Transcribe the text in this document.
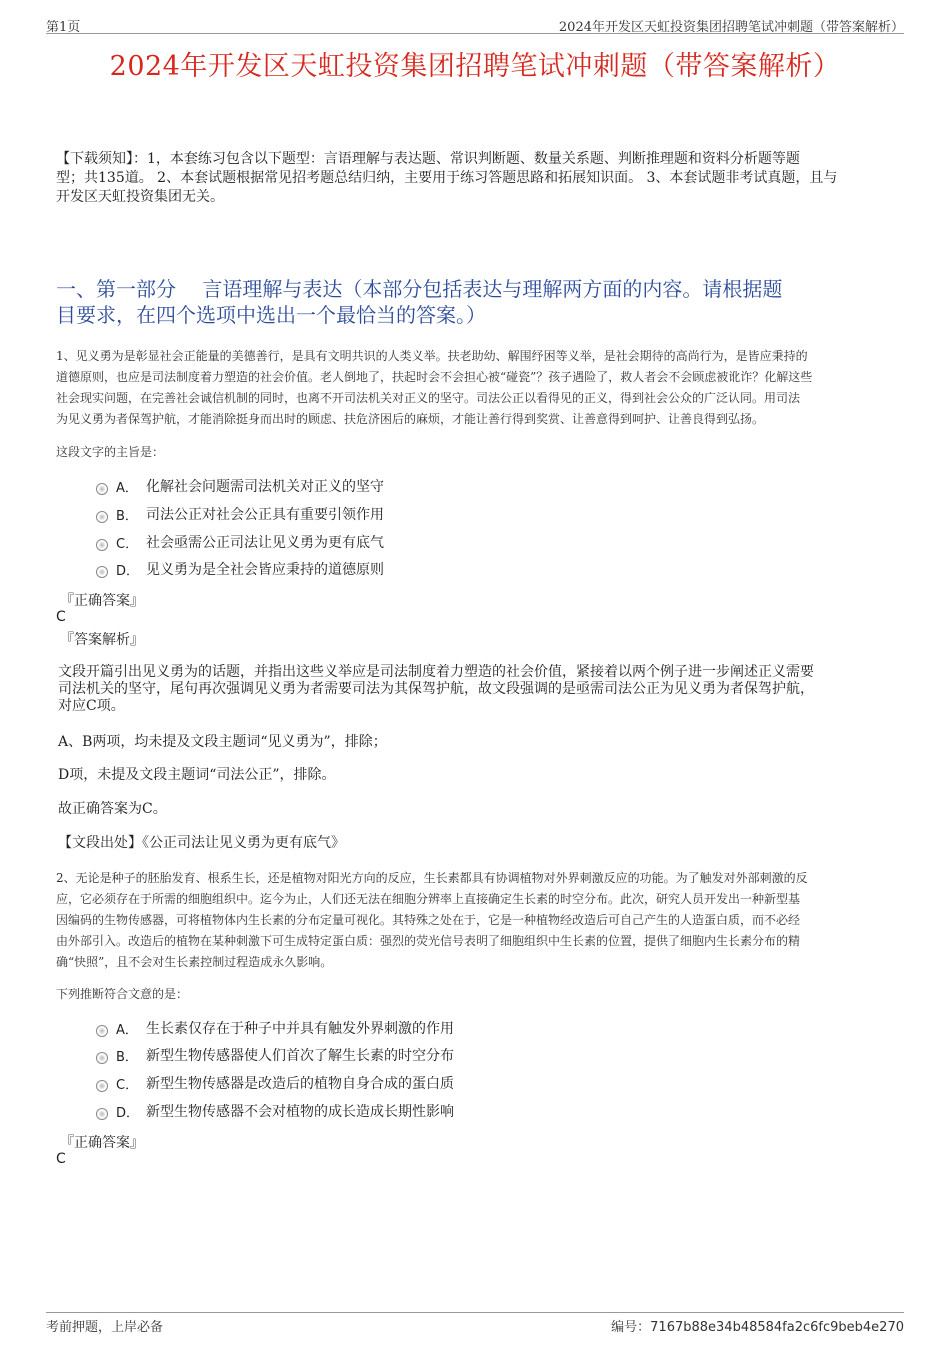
第1页	2024年开发区天虹投资集团招聘笔试冲刺题（带答案解析）
2024年开发区天虹投资集团招聘笔试冲刺题（带答案解析）
【下载须知】：1，本套练习包含以下题型：言语理解与表达题、常识判断题、数量关系题、判断推理题和资料分析题等题
型；共135道。 2、本套试题根据常见招考题总结归纳，主要用于练习答题思路和拓展知识面。 3、本套试题非考试真题，且与
开发区天虹投资集团无关。
一、第一部分　 言语理解与表达（本部分包括表达与理解两方面的内容。请根据题
目要求，在四个选项中选出一个最恰当的答案。）
1、见义勇为是彰显社会正能量的美德善行，是具有文明共识的人类义举。扶老助幼、解围纾困等义举，是社会期待的高尚行为，是皆应秉持的
道德原则，也应是司法制度着力塑造的社会价值。老人倒地了，扶起时会不会担心被“碰瓷”？孩子遇险了，救人者会不会顾虑被讹诈？化解这些
社会现实问题，在完善社会诚信机制的同时，也离不开司法机关对正义的坚守。司法公正以看得见的正义，得到社会公众的广泛认同。用司法
为见义勇为者保驾护航，才能消除挺身而出时的顾虑、扶危济困后的麻烦，才能让善行得到奖赏、让善意得到呵护、让善良得到弘扬。
这段文字的主旨是：
A． 化解社会问题需司法机关对正义的坚守
B． 司法公正对社会公正具有重要引领作用
C． 社会亟需公正司法让见义勇为更有底气
D． 见义勇为是全社会皆应秉持的道德原则
『正确答案』
C
『答案解析』
文段开篇引出见义勇为的话题，并指出这些义举应是司法制度着力塑造的社会价值，紧接着以两个例子进一步阐述正义需要
司法机关的坚守，尾句再次强调见义勇为者需要司法为其保驾护航，故文段强调的是亟需司法公正为见义勇为者保驾护航，
对应C项。
A、B两项，均未提及文段主题词“见义勇为”，排除；
D项，未提及文段主题词“司法公正”，排除。
故正确答案为C。
【文段出处】《公正司法让见义勇为更有底气》
2、无论是种子的胚胎发育、根系生长，还是植物对阳光方向的反应，生长素都具有协调植物对外界刺激反应的功能。为了触发对外部刺激的反
应，它必须存在于所需的细胞组织中。迄今为止，人们还无法在细胞分辨率上直接确定生长素的时空分布。此次，研究人员开发出一种新型基
因编码的生物传感器，可将植物体内生长素的分布定量可视化。其特殊之处在于，它是一种植物经改造后可自己产生的人造蛋白质，而不必经
由外部引入。改造后的植物在某种刺激下可生成特定蛋白质：强烈的荧光信号表明了细胞组织中生长素的位置，提供了细胞内生长素分布的精
确“快照”，且不会对生长素控制过程造成永久影响。
下列推断符合文意的是：
A． 生长素仅存在于种子中并具有触发外界刺激的作用
B． 新型生物传感器使人们首次了解生长素的时空分布
C． 新型生物传感器是改造后的植物自身合成的蛋白质
D． 新型生物传感器不会对植物的成长造成长期性影响
『正确答案』
C
考前押题，上岸必备	编号：7167b88e34b48584fa2c6fc9beb4e270
